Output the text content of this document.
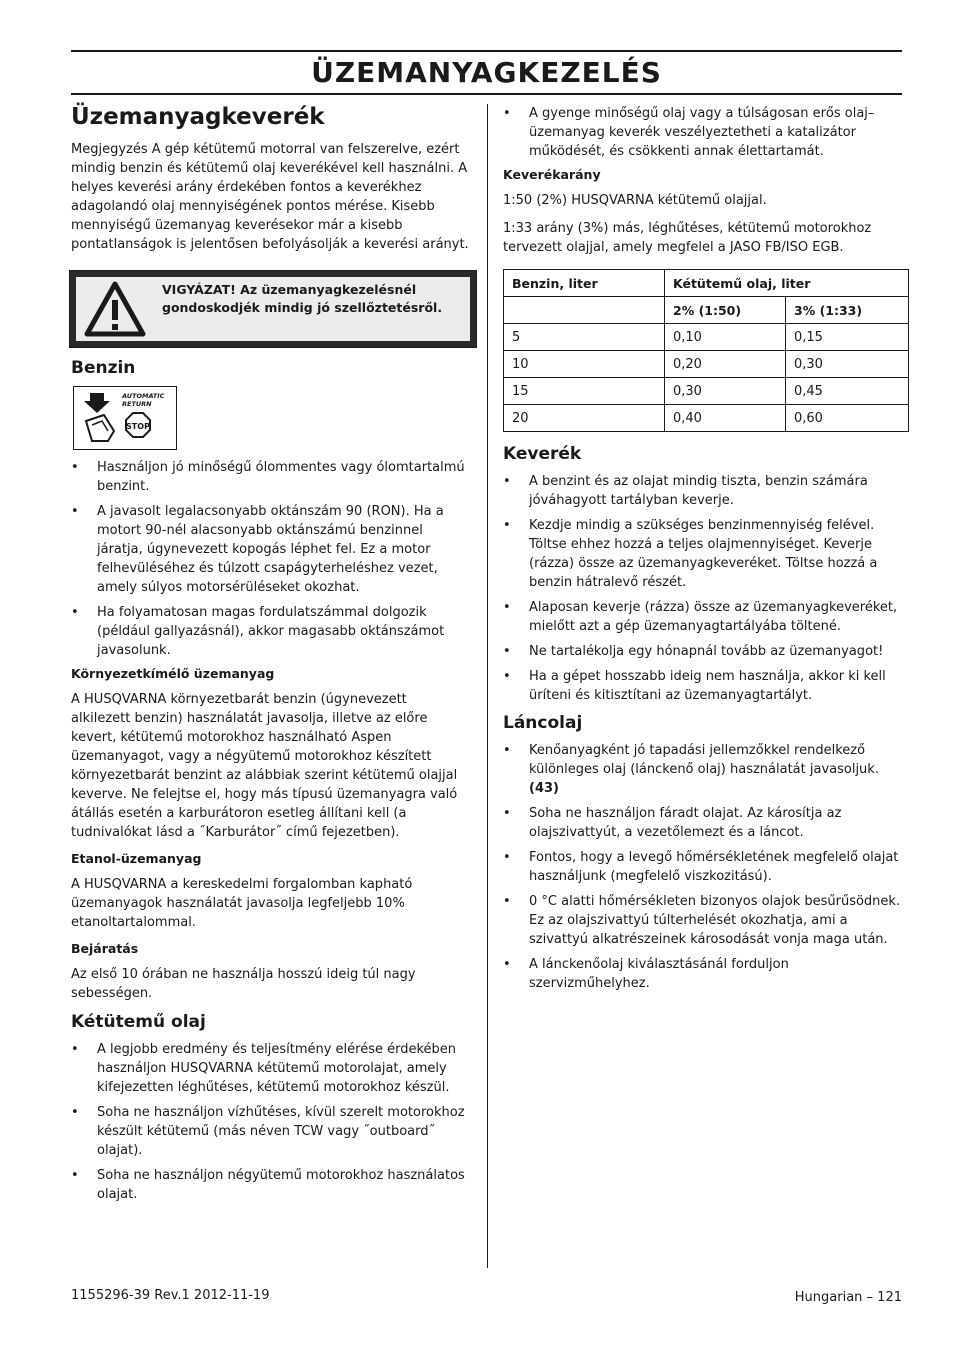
ÜZEMANYAGKEZELÉS
Üzemanyagkeverék

Megjegyzés A gép kétütemű motorral van felszerelve, ezért mindig benzin és kétütemű olaj keverékével kell használni. A helyes keverési arány érdekében fontos a keverékhez adagolandó olaj mennyiségének pontos mérése. Kisebb mennyiségű üzemanyag keverésekor már a kisebb pontatlanságok is jelentősen befolyásolják a keverési arányt.

VIGYÁZAT! Az üzemanyagkezelésnél gondoskodjék mindig jó szellőztetésről.
Benzin
AUTOMATIC
RETURN
STOP
• Használjon jó minőségű ólommentes vagy ólomtartalmú benzint.
• A javasolt legalacsonyabb oktánszám 90 (RON). Ha a motort 90-nél alacsonyabb oktánszámú benzinnel járatja, úgynevezett kopogás léphet fel. Ez a motor felhevüléséhez és túlzott csapágyterheléshez vezet, amely súlyos motorsérüléseket okozhat.
• Ha folyamatosan magas fordulatszámmal dolgozik (például gallyazásnál), akkor magasabb oktánszámot javasolunk.
Környezetkímélő üzemanyag

A HUSQVARNA környezetbarát benzin (úgynevezett alkilezett benzin) használatát javasolja, illetve az előre kevert, kétütemű motorokhoz használható Aspen üzemanyagot, vagy a négyütemű motorokhoz készített környezetbarát benzint az alábbiak szerint kétütemű olajjal keverve. Ne felejtse el, hogy más típusú üzemanyagra való átállás esetén a karburátoron esetleg állítani kell (a tudnivalókat lásd a ˝Karburátor˝ című fejezetben).

Etanol-üzemanyag

A HUSQVARNA a kereskedelmi forgalomban kapható üzemanyagok használatát javasolja legfeljebb 10% etanoltartalommal.

Bejáratás

Az első 10 órában ne használja hosszú ideig túl nagy sebességen.

Kétütemű olaj
• A legjobb eredmény és teljesítmény elérése érdekében használjon HUSQVARNA kétütemű motorolajat, amely kifejezetten léghűtéses, kétütemű motorokhoz készül.
• Soha ne használjon vízhűtéses, kívül szerelt motorokhoz készült kétütemű (más néven TCW vagy ˝outboard˝ olajat).
• Soha ne használjon négyütemű motorokhoz használatos olajat.
• A gyenge minőségű olaj vagy a túlságosan erős olaj–üzemanyag keverék veszélyeztetheti a katalizátor működését, és csökkenti annak élettartamát.
Keverékarány

1:50 (2%) HUSQVARNA kétütemű olajjal.

1:33 arány (3%) más, léghűtéses, kétütemű motorokhoz tervezett olajjal, amely megfelel a JASO FB/ISO EGB.

Benzin, liter	Kétütemű olaj, liter	
	2% (1:50)	3% (1:33)
5	0,10	0,15
10	0,20	0,30
15	0,30	0,45
20	0,40	0,60
Keverék
• A benzint és az olajat mindig tiszta, benzin számára jóváhagyott tartályban keverje.
• Kezdje mindig a szükséges benzinmennyiség felével. Töltse ehhez hozzá a teljes olajmennyiséget. Keverje (rázza) össze az üzemanyagkeveréket. Töltse hozzá a benzin hátralevő részét.
• Alaposan keverje (rázza) össze az üzemanyagkeveréket, mielőtt azt a gép üzemanyagtartályába töltené.
• Ne tartalékolja egy hónapnál tovább az üzemanyagot!
• Ha a gépet hosszabb ideig nem használja, akkor ki kell üríteni és kitisztítani az üzemanyagtartályt.
Láncolaj
• Kenőanyagként jó tapadási jellemzőkkel rendelkező különleges olaj (lánckenő olaj) használatát javasoljuk.
(43)
• Soha ne használjon fáradt olajat. Az károsítja az olajszivattyút, a vezetőlemezt és a láncot.
• Fontos, hogy a levegő hőmérsékletének megfelelő olajat használjunk (megfelelő viszkozitású).
• 0 °C alatti hőmérsékleten bizonyos olajok besűrűsödnek. Ez az olajszivattyú túlterhelését okozhatja, ami a szivattyú alkatrészeinek károsodását vonja maga után.
• A lánckenőolaj kiválasztásánál forduljon szervizműhelyhez.
1155296-39 Rev.1 2012-11-19	Hungarian – 121
